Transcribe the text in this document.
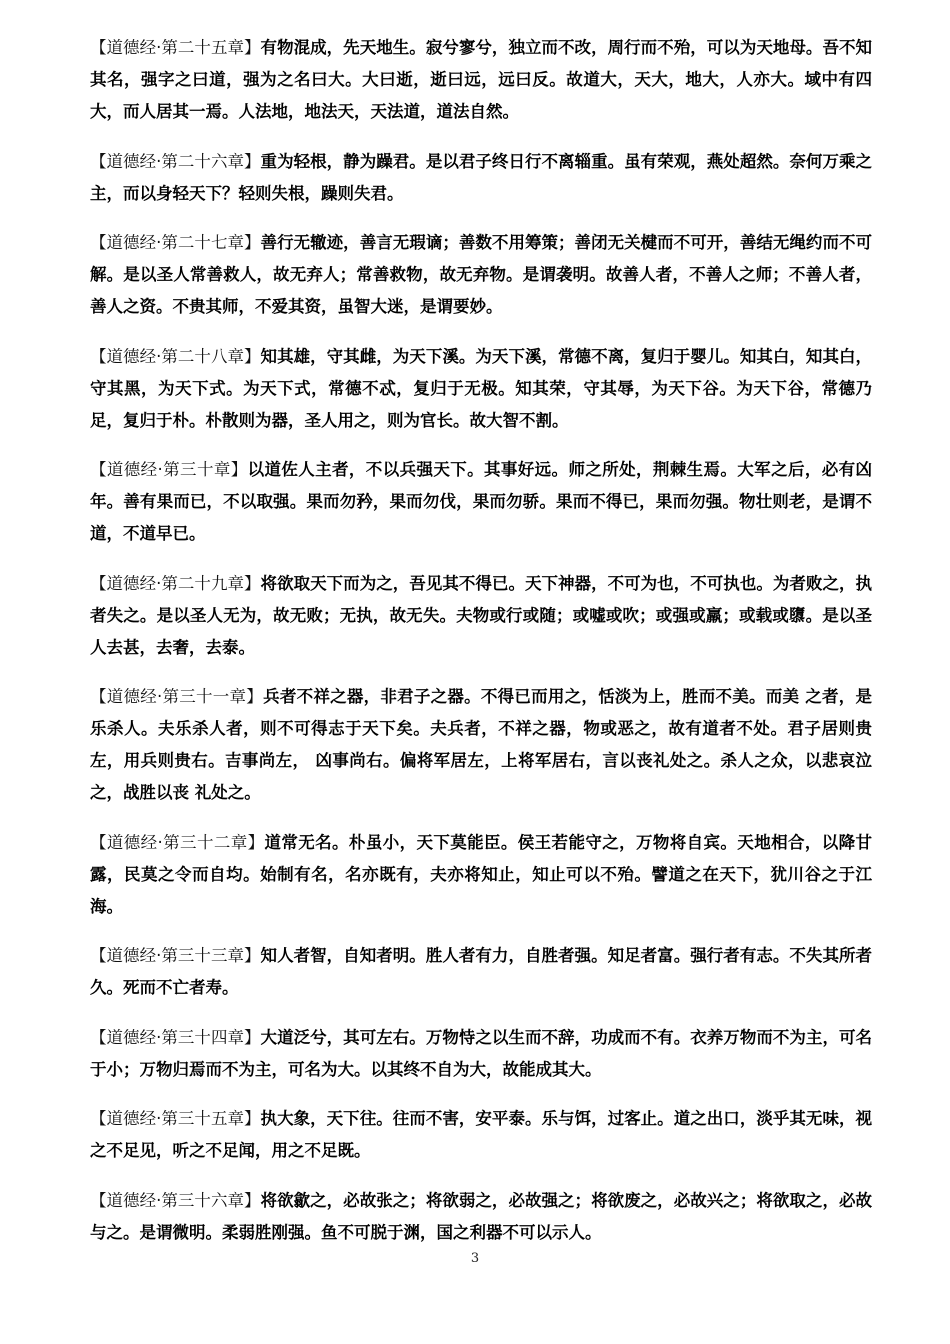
【道德经·第二十五章】有物混成，先天地生。寂兮寥兮，独立而不改，周行而不殆，可以为天地母。吾不知其名，强字之曰道，强为之名曰大。大曰逝，逝曰远，远曰反。故道大，天大，地大，人亦大。域中有四大，而人居其一焉。人法地，地法天，天法道，道法自然。

【道德经·第二十六章】重为轻根，静为躁君。是以君子终日行不离辎重。虽有荣观，燕处超然。奈何万乘之主，而以身轻天下？轻则失根，躁则失君。

【道德经·第二十七章】善行无辙迹，善言无瑕谪；善数不用筹策；善闭无关楗而不可开，善结无绳约而不可解。是以圣人常善救人，故无弃人；常善救物，故无弃物。是谓袭明。故善人者，不善人之师；不善人者，善人之资。不贵其师，不爱其资，虽智大迷，是谓要妙。

【道德经·第二十八章】知其雄，守其雌，为天下溪。为天下溪，常德不离，复归于婴儿。知其白，知其白，守其黑，为天下式。为天下式，常德不忒，复归于无极。知其荣，守其辱，为天下谷。为天下谷，常德乃足，复归于朴。朴散则为器，圣人用之，则为官长。故大智不割。

【道德经·第三十章】以道佐人主者，不以兵强天下。其事好远。师之所处，荆棘生焉。大军之后，必有凶年。善有果而已，不以取强。果而勿矜，果而勿伐，果而勿骄。果而不得已，果而勿强。物壮则老，是谓不道，不道早已。

【道德经·第二十九章】将欲取天下而为之，吾见其不得已。天下神器，不可为也，不可执也。为者败之，执者失之。是以圣人无为，故无败；无执，故无失。夫物或行或随；或嘘或吹；或强或羸；或载或隳。是以圣人去甚，去奢，去泰。

【道德经·第三十一章】兵者不祥之器，非君子之器。不得已而用之，恬淡为上，胜而不美。而美 之者，是乐杀人。夫乐杀人者，则不可得志于天下矣。夫兵者，不祥之器，物或恶之，故有道者不处。君子居则贵左，用兵则贵右。吉事尚左， 凶事尚右。偏将军居左，上将军居右，言以丧礼处之。杀人之众，以悲哀泣之，战胜以丧 礼处之。

【道德经·第三十二章】道常无名。朴虽小，天下莫能臣。侯王若能守之，万物将自宾。天地相合，以降甘露，民莫之令而自均。始制有名，名亦既有，夫亦将知止，知止可以不殆。譬道之在天下，犹川谷之于江海。

【道德经·第三十三章】知人者智，自知者明。胜人者有力，自胜者强。知足者富。强行者有志。不失其所者久。死而不亡者寿。

【道德经·第三十四章】大道泛兮，其可左右。万物恃之以生而不辞，功成而不有。衣养万物而不为主，可名于小；万物归焉而不为主，可名为大。以其终不自为大，故能成其大。

【道德经·第三十五章】执大象，天下往。往而不害，安平泰。乐与饵，过客止。道之出口，淡乎其无味，视之不足见，听之不足闻，用之不足既。

【道德经·第三十六章】将欲歙之，必故张之；将欲弱之，必故强之；将欲废之，必故兴之；将欲取之，必故与之。是谓微明。柔弱胜刚强。鱼不可脱于渊，国之利器不可以示人。

3
